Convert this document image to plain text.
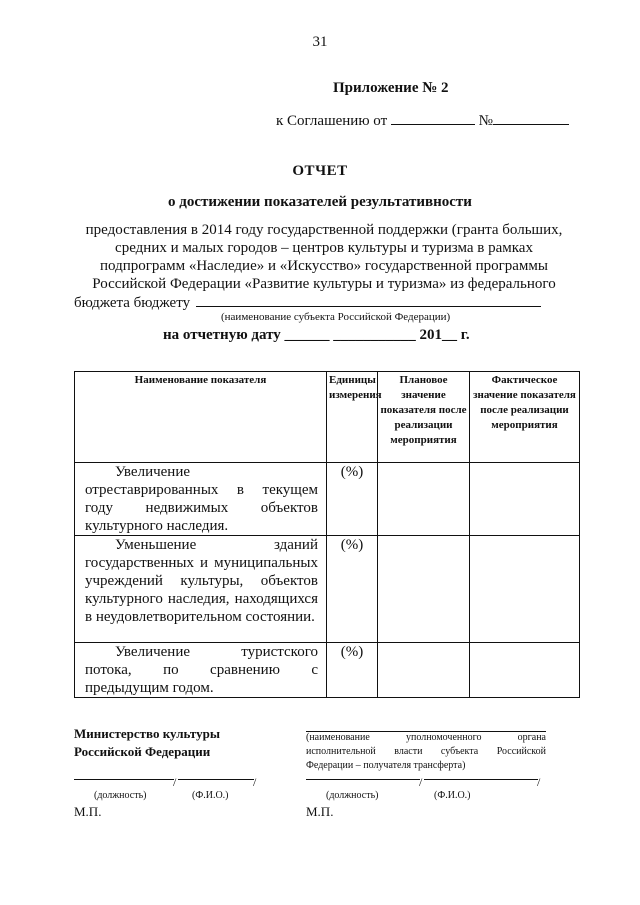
31
Приложение № 2
к Соглашению от	№
ОТЧЕТ
о достижении показателей результативности
предоставления в 2014 году государственной поддержки (гранта больших,
средних и малых городов – центров культуры и туризма в рамках
подпрограмм «Наследие» и «Искусство» государственной программы
Российской Федерации «Развитие культуры и туризма» из федерального
бюджета бюджету
(наименование субъекта Российской Федерации)
на отчетную дату ______ ___________ 201__ г.
Наименование показателя	Единицы измерения	Плановое значение показателя после реализации мероприятия	Фактическое значение показателя после реализации мероприятия
Увеличение отреставрированных в текущем году недвижимых объектов культурного наследия.	(%)		
Уменьшение зданий государственных и муниципальных учреждений культуры, объектов культурного наследия, находящихся в неудовлетворительном состоянии.	(%)		
Увеличение туристского потока, по сравнению с предыдущим годом.	(%)		
Министерство культуры
Российской Федерации
(наименование уполномоченного органа исполнительной власти субъекта Российской Федерации – получателя трансферта)
/	/
(должность)	(Ф.И.О.)
М.П.
/	/
(должность)	(Ф.И.О.)
М.П.
